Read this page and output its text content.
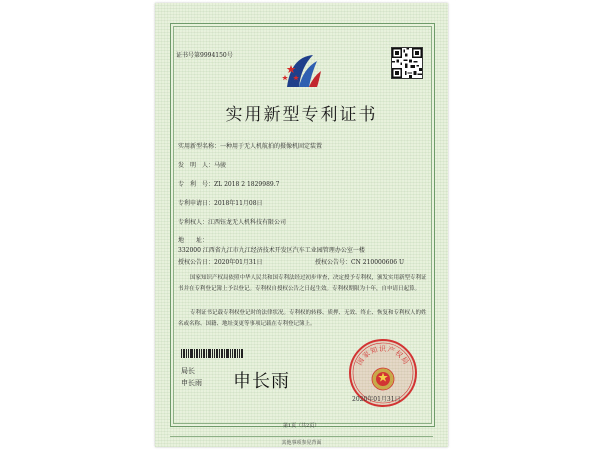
证书号第9994150号
实用新型专利证书
实用新型名称：一种用于无人机航拍的摄像机固定装置
发　明　人：马骏
专　利　号：ZL 2018 2 1829989.7
专利申请日：2018年11月08日
专利权人：江西钰龙无人机科技有限公司
地　　址：332000 江西省九江市九江经济技术开发区汽车工业园管理办公室一楼
授权公告日：2020年01月31日	授权公告号：CN 210000606 U
国家知识产权局依照中华人民共和国专利法经过初步审查，决定授予专利权，颁发实用新型专利证书并在专利登记簿上予以登记。专利权自授权公告之日起生效。专利权期限为十年，自申请日起算。
专利证书记载专利权登记时的法律状况。专利权的转移、质押、无效、终止、恢复和专利权人的姓名或名称、国籍、地址变更等事项记载在专利登记簿上。
局长
申长雨 申长雨
国家知识产权局
2020年01月31日
第1页（共2页）
其他事项参见背面
